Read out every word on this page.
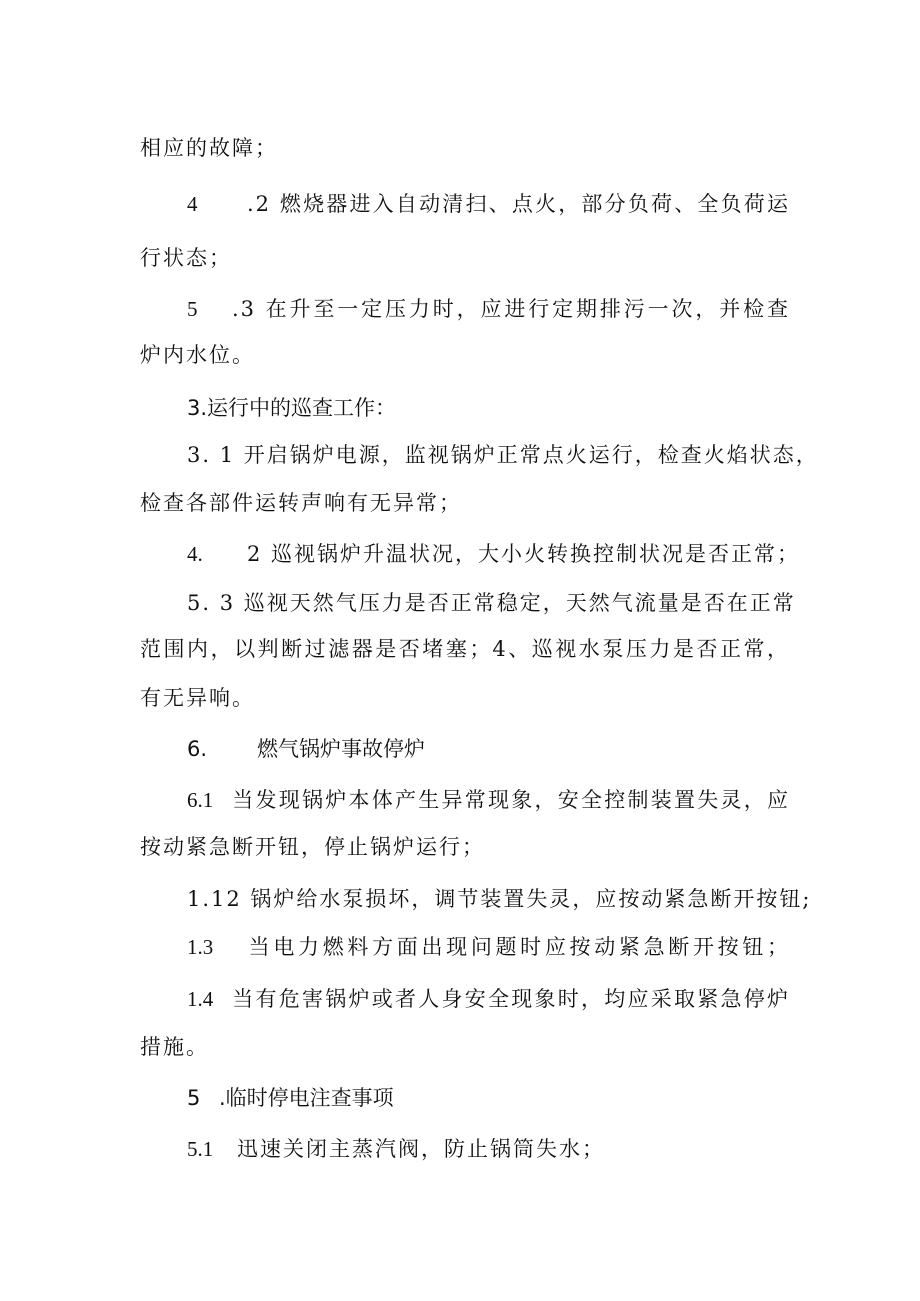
相应的故障；
4 .2 燃烧器进入自动清扫、点火，部分负荷、全负荷运
行状态；
5 .3 在升至一定压力时，应进行定期排污一次，并检查
炉内水位。
3.运行中的巡查工作：
3. 1 开启锅炉电源，监视锅炉正常点火运行，检查火焰状态，
检查各部件运转声响有无异常；
4. 2 巡视锅炉升温状况，大小火转换控制状况是否正常；
5. 3 巡视天然气压力是否正常稳定，天然气流量是否在正常
范围内，以判断过滤器是否堵塞；4、巡视水泵压力是否正常，
有无异响。
6. 燃气锅炉事故停炉
6.1 当发现锅炉本体产生异常现象，安全控制装置失灵，应
按动紧急断开钮，停止锅炉运行；
1.12 锅炉给水泵损坏，调节装置失灵，应按动紧急断开按钮;
1.3 当电力燃料方面出现问题时应按动紧急断开按钮；
1.4 当有危害锅炉或者人身安全现象时，均应采取紧急停炉
措施。
5 .临时停电注查事项
5.1 迅速关闭主蒸汽阀，防止锅筒失水；
